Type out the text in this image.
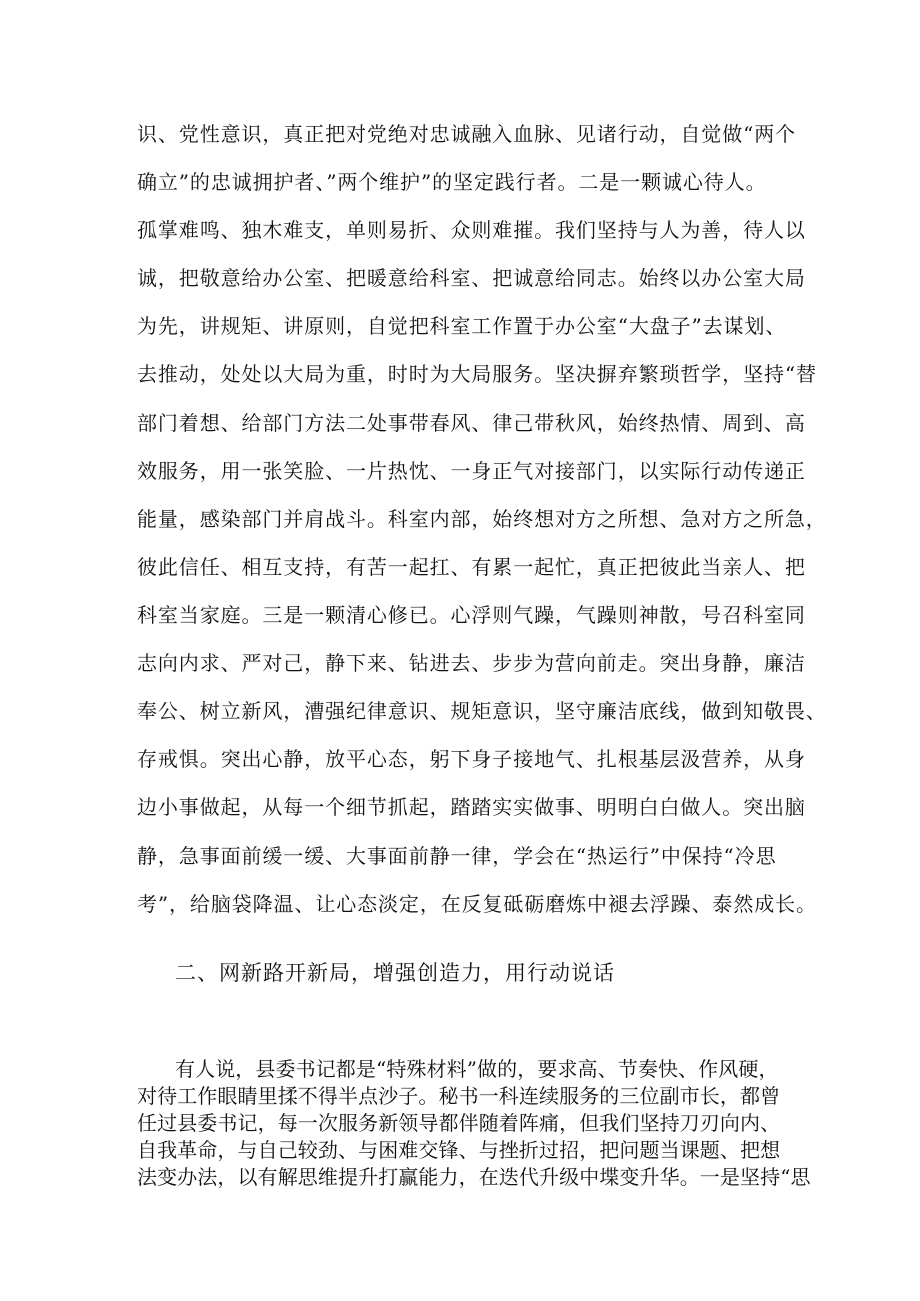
识、党性意识，真正把对党绝对忠诚融入血脉、见诸行动，自觉做“两个
确立”的忠诚拥护者、”两个维护”的坚定践行者。二是一颗诚心待人。
孤掌难鸣、独木难支，单则易折、众则难摧。我们坚持与人为善，待人以
诚，把敬意给办公室、把暖意给科室、把诚意给同志。始终以办公室大局
为先，讲规矩、讲原则，自觉把科室工作置于办公室“大盘子”去谋划、
去推动，处处以大局为重，时时为大局服务。坚决摒弃繁琐哲学，坚持“替
部门着想、给部门方法二处事带春风、律己带秋风，始终热情、周到、高
效服务，用一张笑脸、一片热忱、一身正气对接部门，以实际行动传递正
能量，感染部门并肩战斗。科室内部，始终想对方之所想、急对方之所急，
彼此信任、相互支持，有苦一起扛、有累一起忙，真正把彼此当亲人、把
科室当家庭。三是一颗清心修已。心浮则气躁，气躁则神散，号召科室同
志向内求、严对己，静下来、钻进去、步步为营向前走。突出身静，廉洁
奉公、树立新风，漕强纪律意识、规矩意识，坚守廉洁底线，做到知敬畏、
存戒惧。突出心静，放平心态，躬下身子接地气、扎根基层汲营养，从身
边小事做起，从每一个细节抓起，踏踏实实做事、明明白白做人。突出脑
静，急事面前缓一缓、大事面前静一律，学会在“热运行”中保持“冷思
考”，给脑袋降温、让心态淡定，在反复砥砺磨炼中褪去浮躁、泰然成长。
二、网新路开新局，增强创造力，用行动说话
有人说，县委书记都是“特殊材料”做的，要求高、节奏快、作风硬，
对待工作眼睛里揉不得半点沙子。秘书一科连续服务的三位副市长，都曾
任过县委书记，每一次服务新领导都伴随着阵痛，但我们坚持刀刃向内、
自我革命，与自己较劲、与困难交锋、与挫折过招，把问题当课题、把想
法变办法，以有解思维提升打赢能力，在迭代升级中堞变升华。一是坚持“思
